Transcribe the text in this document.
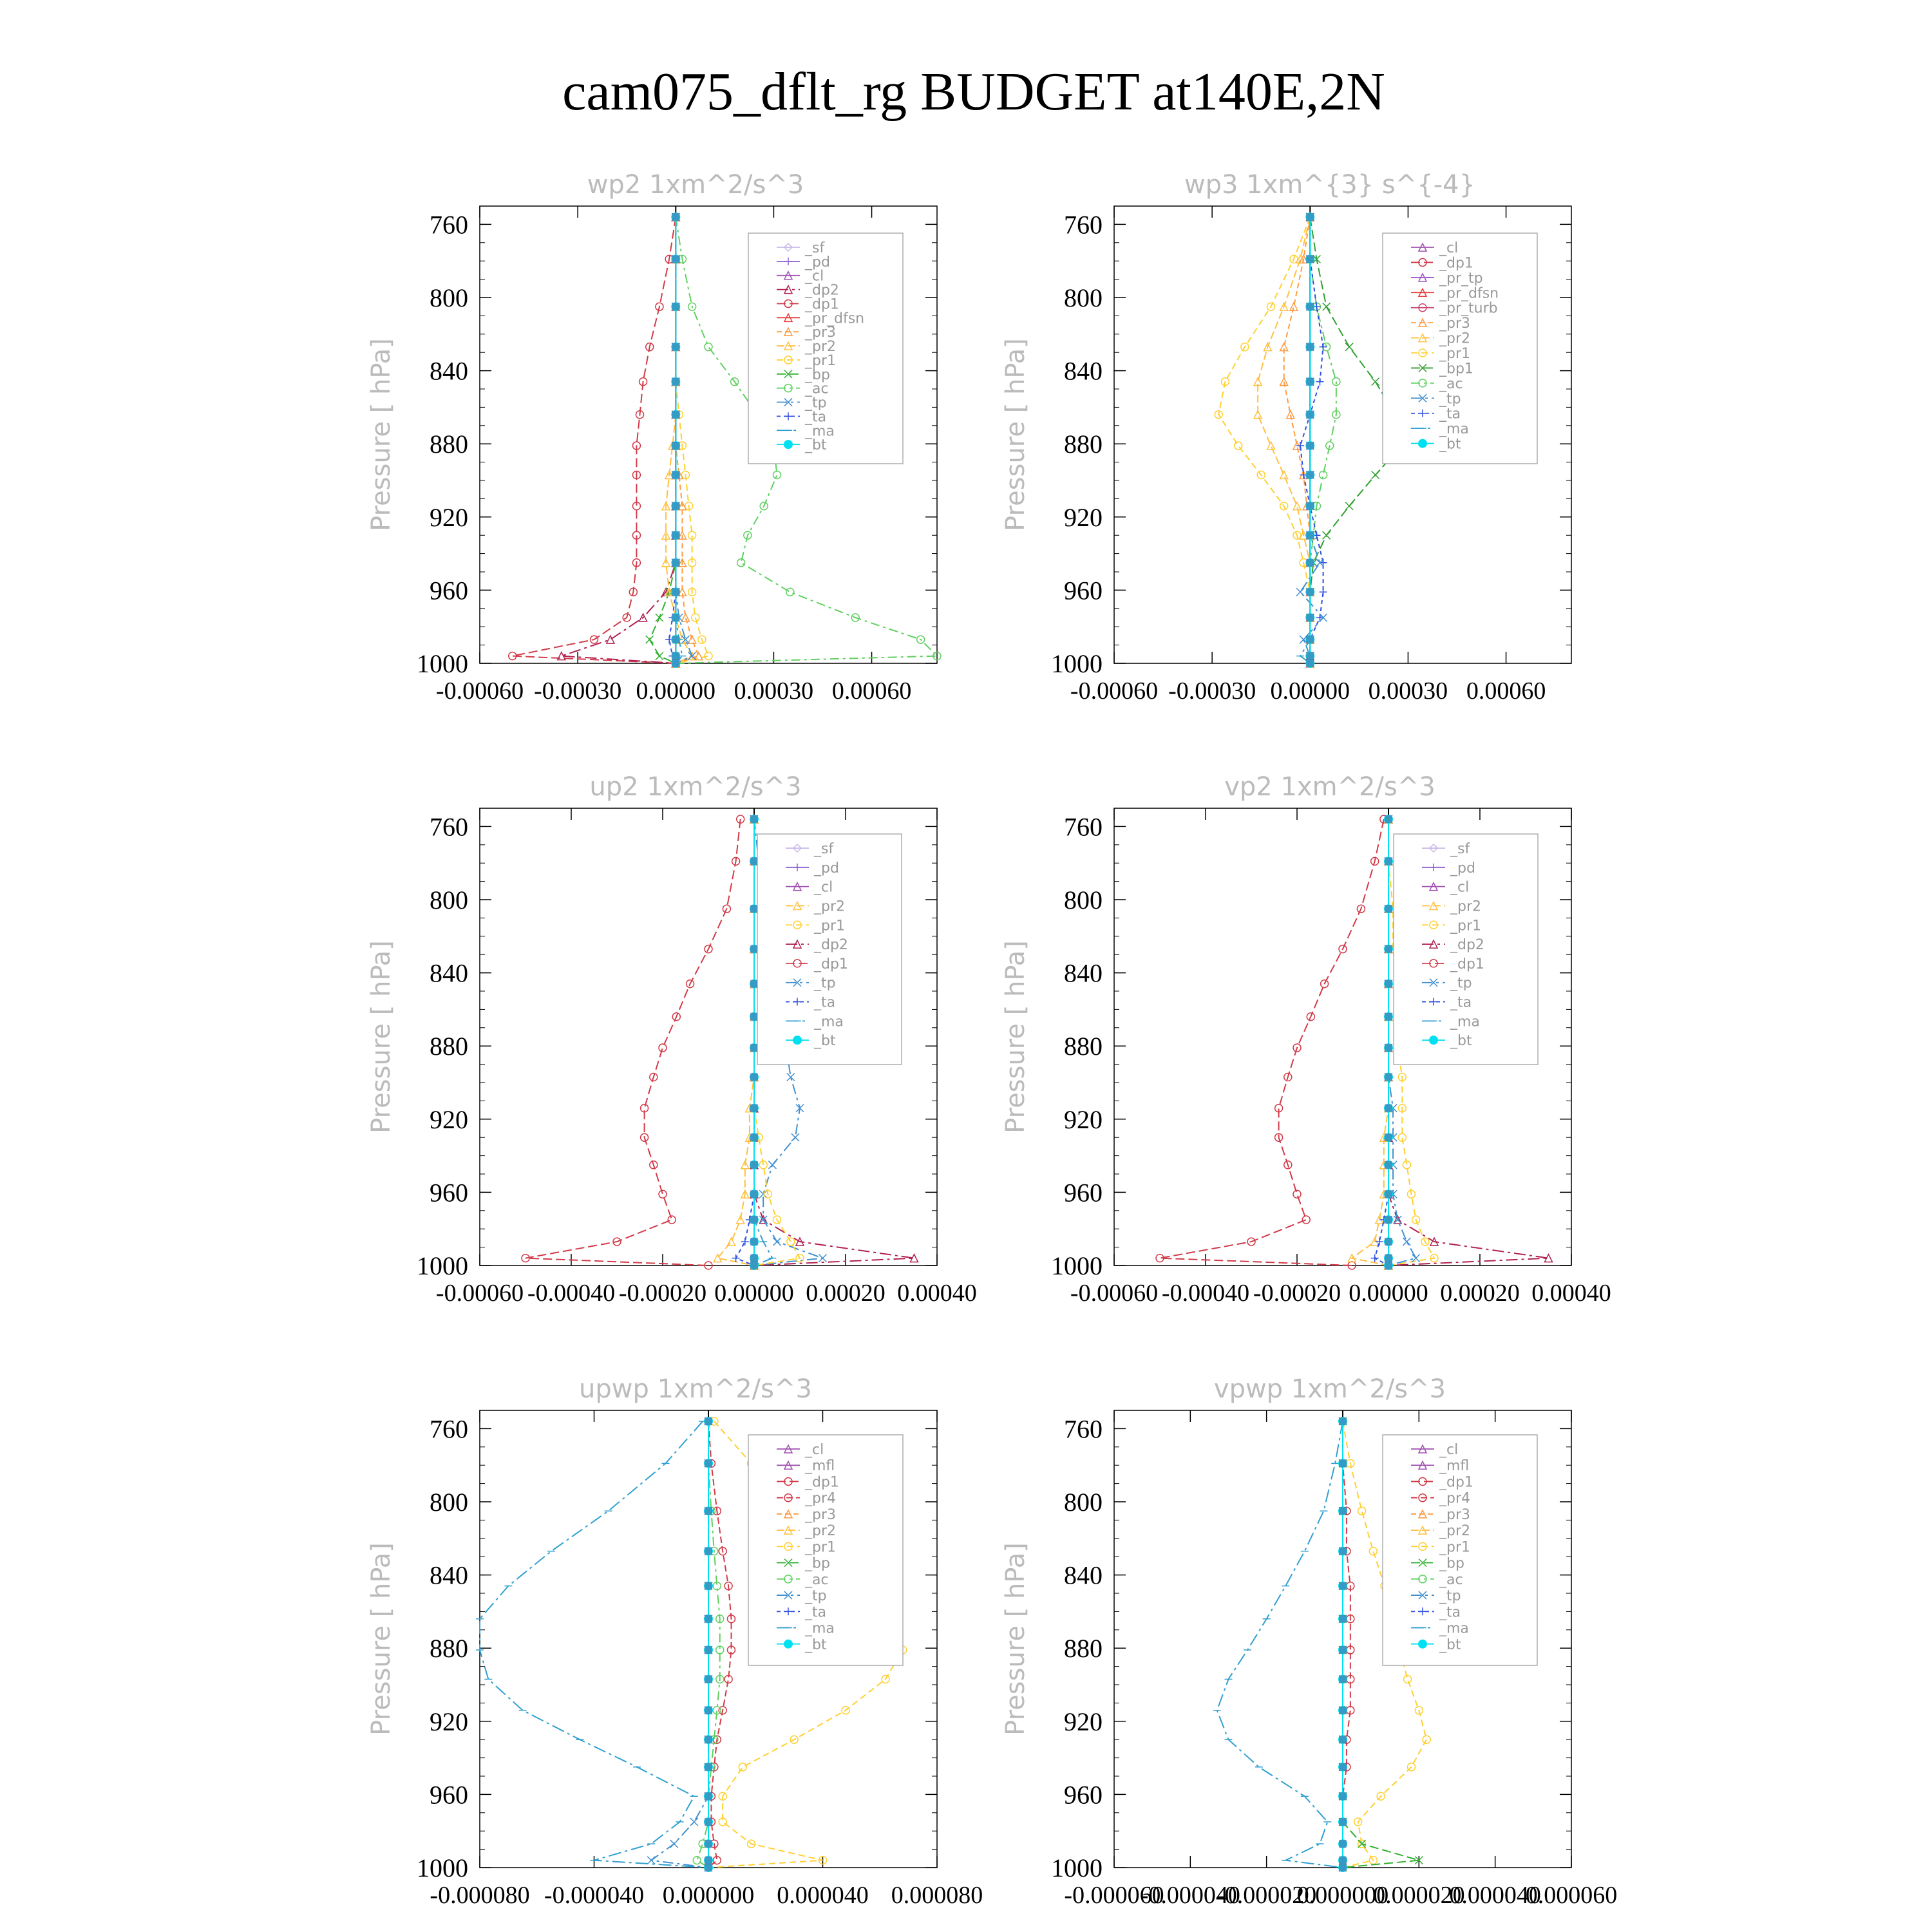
cam075_dflt_rg BUDGET at140E,2N
wp2 1xm^2/s^3
760
800
840
880
920
960
1000
-0.00060 -0.00030 0.00000 0.00030 0.00060
Pressure [ hPa]
_sf
_pd
_cl
_dp2
_dp1
_pr_dfsn
_pr3
_pr2
_pr1
_bp
_ac
_tp
_ta
_ma
_bt
wp3 1xm^{3} s^{-4}
760
800
840
880
920
960
1000
-0.00060 -0.00030 0.00000 0.00030 0.00060
Pressure [ hPa]
_cl
_dp1
_pr_tp
_pr_dfsn
_pr_turb
_pr3
_pr2
_pr1
_bp1
_ac
_tp
_ta
_ma
_bt
up2 1xm^2/s^3
760
800
840
880
920
960
1000
-0.00060 -0.00040 -0.00020 0.00000 0.00020 0.00040
Pressure [ hPa]
_sf
_pd
_cl
_pr2
_pr1
_dp2
_dp1
_tp
_ta
_ma
_bt
vp2 1xm^2/s^3
760
800
840
880
920
960
1000
-0.00060 -0.00040 -0.00020 0.00000 0.00020 0.00040
Pressure [ hPa]
_sf
_pd
_cl
_pr2
_pr1
_dp2
_dp1
_tp
_ta
_ma
_bt
upwp 1xm^2/s^3
760
800
840
880
920
960
1000
-0.000080 -0.000040 0.000000 0.000040 0.000080
Pressure [ hPa]
_cl
_mfl
_dp1
_pr4
_pr3
_pr2
_pr1
_bp
_ac
_tp
_ta
_ma
_bt
vpwp 1xm^2/s^3
760
800
840
880
920
960
1000
-0.000060
-0.000040
-0.000020
0.000000
0.000020
0.000040
0.000060
Pressure [ hPa]
_cl
_mfl
_dp1
_pr4
_pr3
_pr2
_pr1
_bp
_ac
_tp
_ta
_ma
_bt
